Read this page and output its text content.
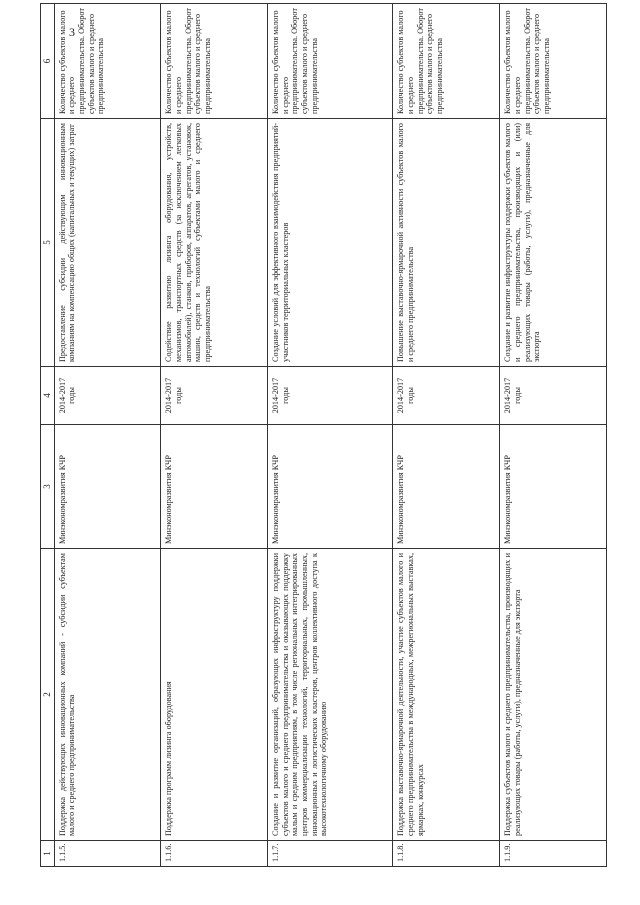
3
1	2	3	4	5	6
1.1.5.	Поддержка действующих инновационных компаний - субсидии субъектам малого и среднего предпринимательства	Минэкономразвития КЧР	2014-2017 годы	Предоставление субсидии действующим инновационным компаниям на компенсацию общих (капитальных и текущих) затрат	Количество субъектов малого и среднего предпринимательства. Оборот субъектов малого и среднего предпринимательства
1.1.6.	Поддержка программ лизинга оборудования	Минэкономразвития КЧР	2014-2017 годы	Содействие развитию лизинга оборудования, устройств, механизмов, транспортных средств (за исключением легковых автомобилей), станков, приборов, аппаратов, агрегатов, установок, машин, средств и технологий субъектами малого и среднего предпринимательства	Количество субъектов малого и среднего предпринимательства. Оборот субъектов малого и среднего предпринимательства
1.1.7.	Создание и развитие организаций, образующих инфраструктуру поддержки субъектов малого и среднего предпринимательства и оказывающих поддержку малым и средним предприятиям, в том числе региональных интегрированных центров коммерциализации технологий, территориальных, промышленных, инновационных и логистических кластеров, центров коллективного доступа к высокотехнологичному оборудованию	Минэкономразвития КЧР	2014-2017 годы	Создание условий для эффективного взаимодействия предприятий-участников территориальных кластеров	Количество субъектов малого и среднего предпринимательства. Оборот субъектов малого и среднего предпринимательства
1.1.8.	Поддержка выставочно-ярмарочной деятельности, участие субъектов малого и среднего предпринимательства в международных, межрегиональных выставках, ярмарках, конкурсах	Минэкономразвития КЧР	2014-2017 годы	Повышение выставочно-ярмарочной активности субъектов малого и среднего предпринимательства	Количество субъектов малого и среднего предпринимательства. Оборот субъектов малого и среднего предпринимательства
1.1.9.	Поддержка субъектов малого и среднего предпринимательства, производящих и реализующих товары (работы, услуги), предназначенные для экспорта	Минэкономразвития КЧР	2014-2017 годы	Создание и развитие инфраструктуры поддержки субъектов малого и среднего предпринимательства, производящих и (или) реализующих товары (работы, услуги), предназначенные для экспорта	Количество субъектов малого и среднего предпринимательства. Оборот субъектов малого и среднего предпринимательства
